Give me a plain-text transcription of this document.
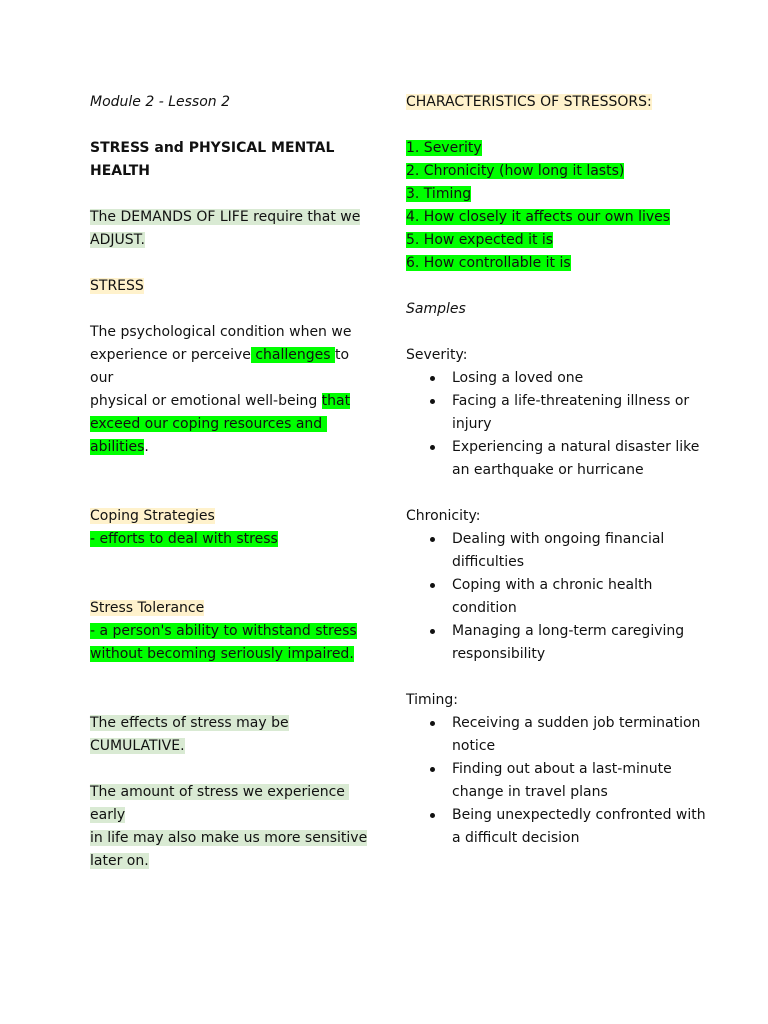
Module 2 - Lesson 2
STRESS and PHYSICAL MENTAL
HEALTH
The DEMANDS OF LIFE require that we
ADJUST.
STRESS
The psychological condition when we
experience or perceive challenges to our
physical or emotional well-being that
exceed our coping resources and abilities.
Coping Strategies
- efforts to deal with stress
Stress Tolerance
- a person's ability to withstand stress
without becoming seriously impaired.
The effects of stress may be
CUMULATIVE.
The amount of stress we experience early
in life may also make us more sensitive
later on.
CHARACTERISTICS OF STRESSORS:
1. Severity
2. Chronicity (how long it lasts)
3. Timing
4. How closely it affects our own lives
5. How expected it is
6. How controllable it is
Samples
Severity:
Losing a loved one
Facing a life-threatening illness or injury
Experiencing a natural disaster like an earthquake or hurricane
Chronicity:
Dealing with ongoing financial difficulties
Coping with a chronic health condition
Managing a long-term caregiving responsibility
Timing:
Receiving a sudden job termination notice
Finding out about a last-minute change in travel plans
Being unexpectedly confronted with a difficult decision
